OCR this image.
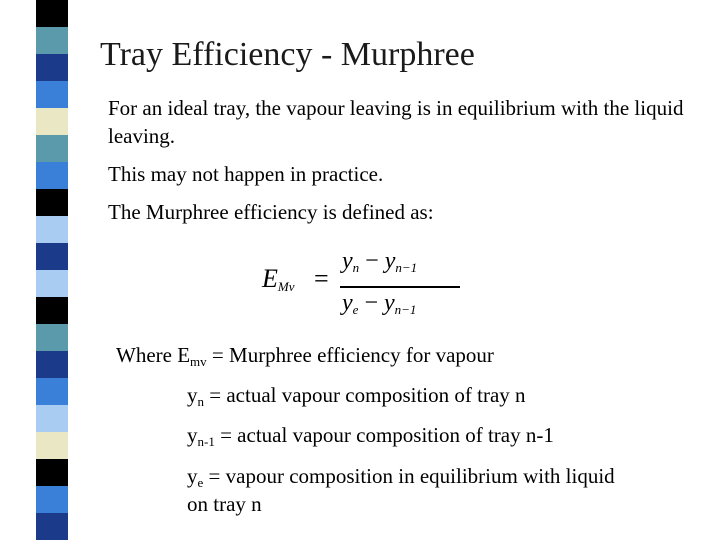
Tray Efficiency - Murphree
For an ideal tray, the vapour leaving is in equilibrium with the liquid leaving.
This may not happen in practice.
The Murphree efficiency is defined as:
$E_{Mv}$ =
$y_n - y_{n-1}$
$y_e - y_{n-1}$
Where $E_{mv}$ = Murphree efficiency for vapour
$y_n$ = actual vapour composition of tray n
$y_{n-1}$ = actual vapour composition of tray n-1
$y_e$ = vapour composition in equilibrium with liquid
on tray n
